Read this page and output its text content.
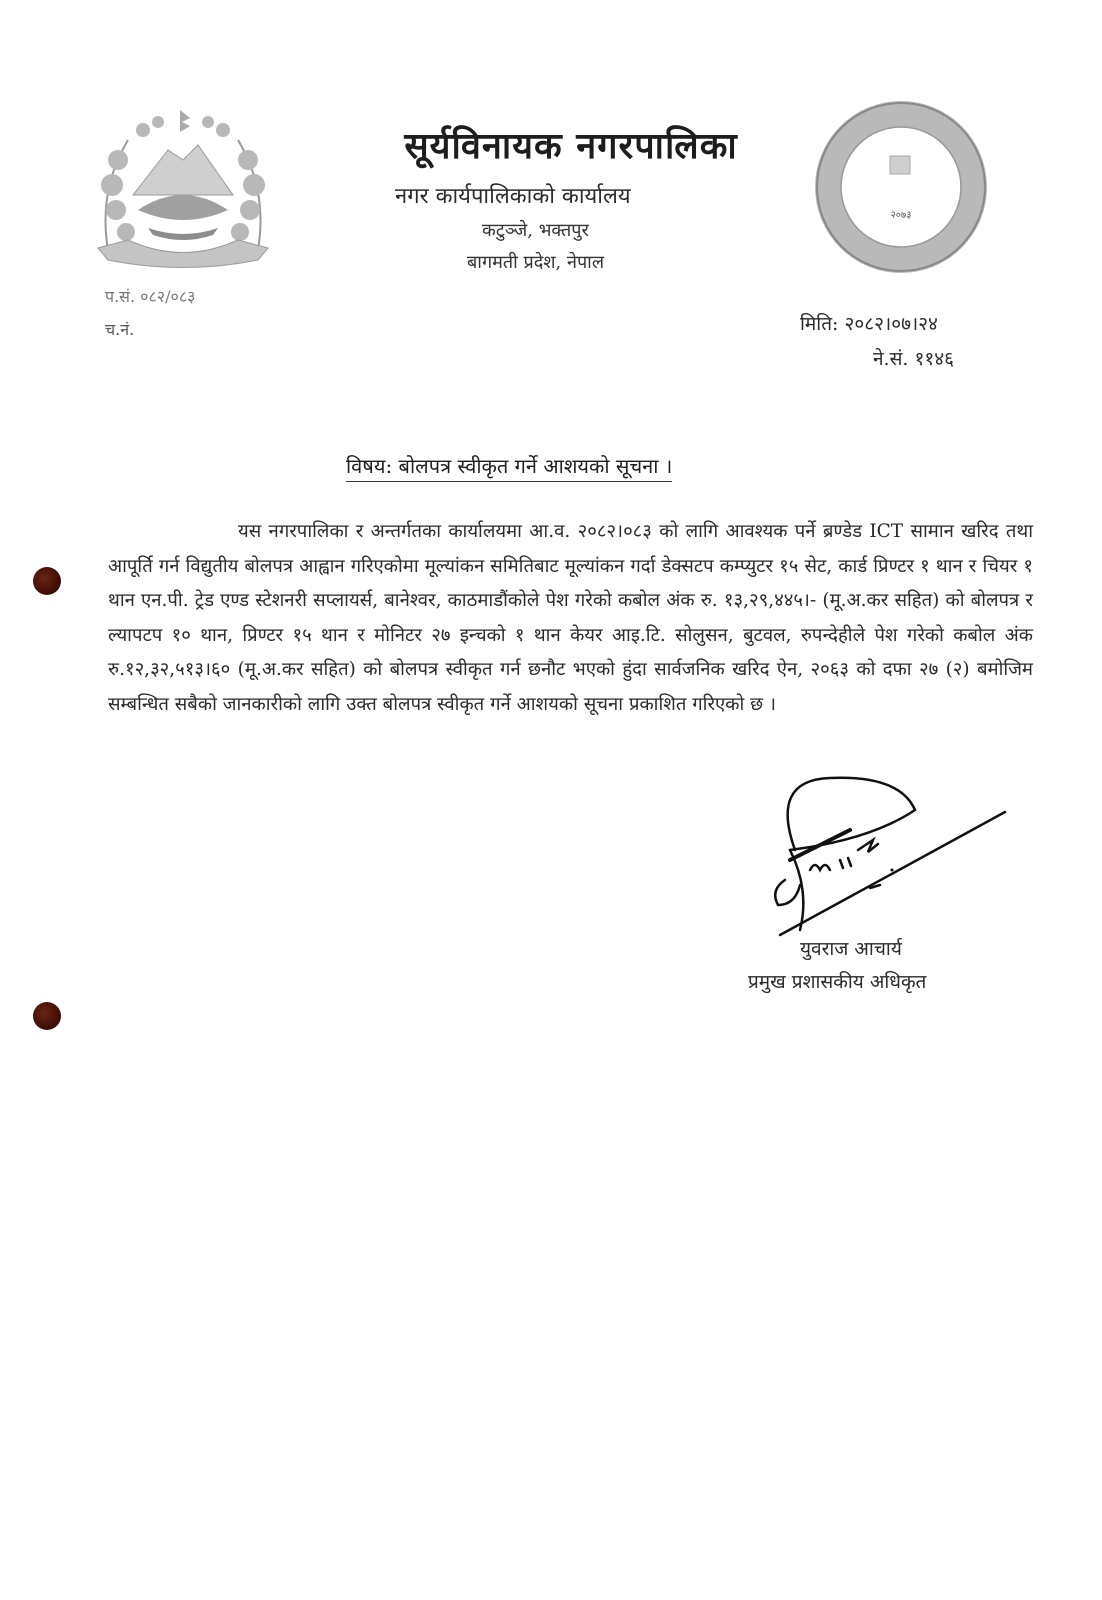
सूर्यविनायक नगरपालिका
नगर कार्यपालिकाको कार्यालय
कटुञ्जे, भक्तपुर
बागमती प्रदेश, नेपाल
२०७३
प.सं. ०८२/०८३
च.नं.	मिति: २०८२।०७।२४
ने.सं. ११४६
विषय: बोलपत्र स्वीकृत गर्ने आशयको सूचना ।
यस नगरपालिका र अन्तर्गतका कार्यालयमा आ.व. २०८२।०८३ को लागि आवश्यक पर्ने ब्रण्डेड ICT सामान खरिद तथा आपूर्ति गर्न विद्युतीय बोलपत्र आह्वान गरिएकोमा मूल्यांकन समितिबाट मूल्यांकन गर्दा डेक्सटप कम्प्युटर १५ सेट, कार्ड प्रिण्टर १ थान र चियर १ थान एन.पी. ट्रेड एण्ड स्टेशनरी सप्लायर्स, बानेश्वर, काठमाडौंकोले पेश गरेको कबोल अंक रु. १३,२९,४४५।- (मू.अ.कर सहित) को बोलपत्र र ल्यापटप १० थान, प्रिण्टर १५ थान र मोनिटर २७ इन्चको १ थान केयर आइ.टि. सोलुसन, बुटवल, रुपन्देहीले पेश गरेको कबोल अंक रु.१२,३२,५१३।६० (मू.अ.कर सहित) को बोलपत्र स्वीकृत गर्न छनौट भएको हुंदा सार्वजनिक खरिद ऐन, २०६३ को दफा २७ (२) बमोजिम सम्बन्धित सबैको जानकारीको लागि उक्त बोलपत्र स्वीकृत गर्ने आशयको सूचना प्रकाशित गरिएको छ ।
युवराज आचार्य
प्रमुख प्रशासकीय अधिकृत
